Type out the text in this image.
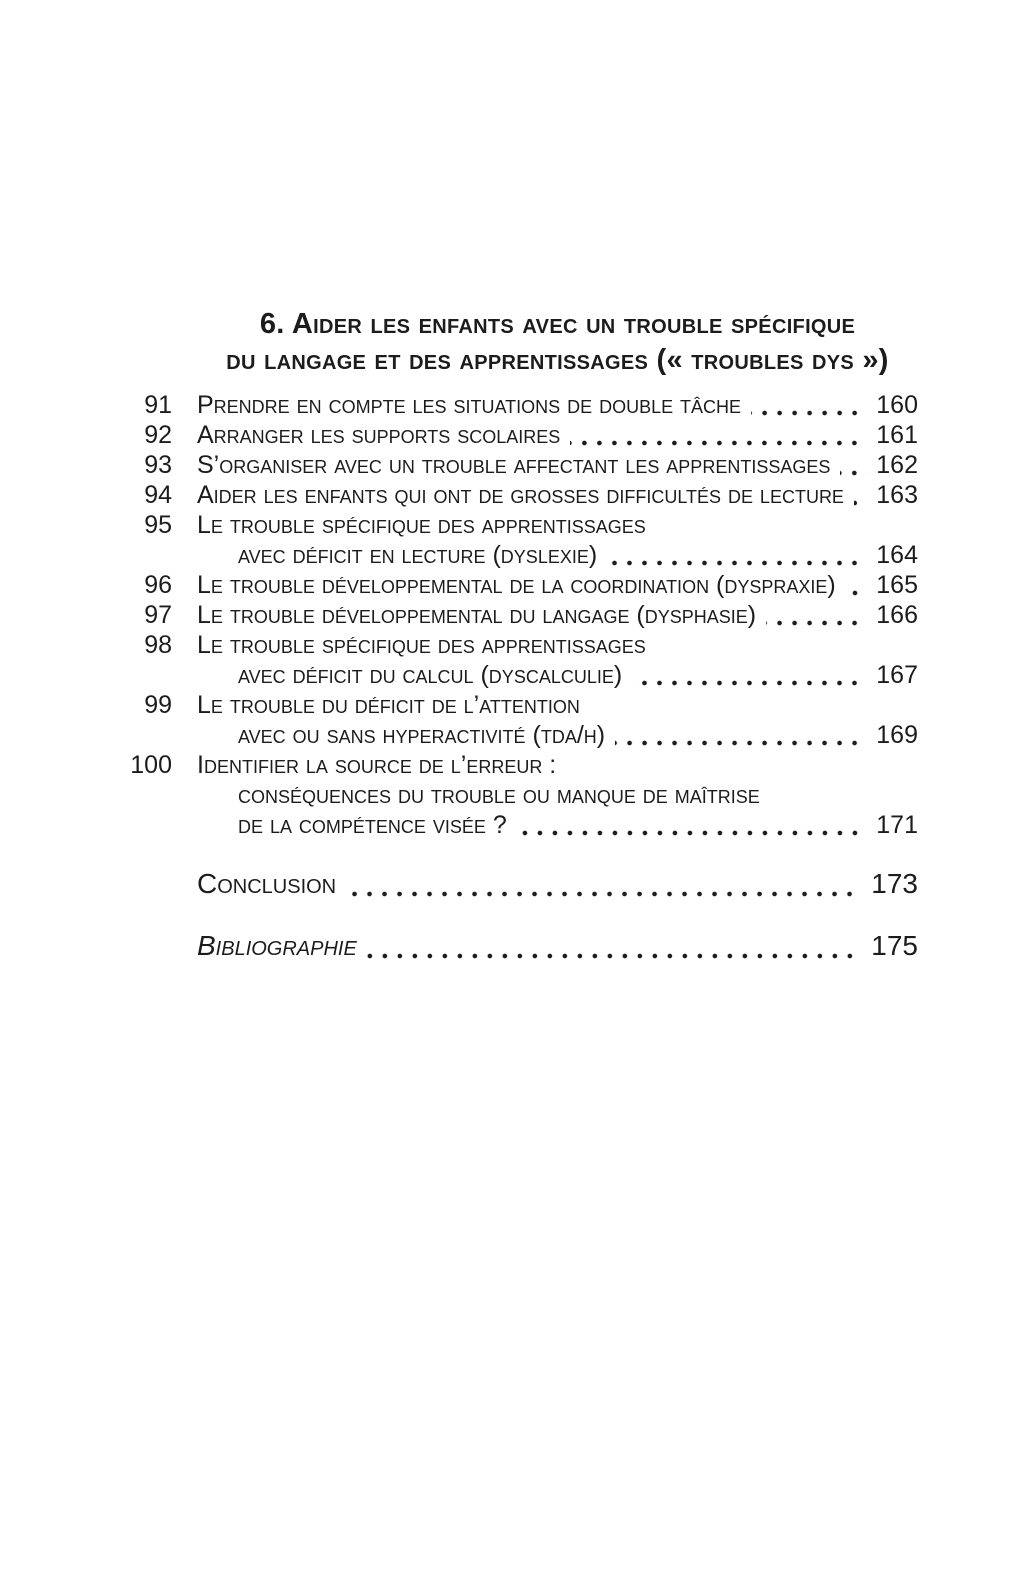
6. Aider les enfants avec un trouble spécifique
du langage et des apprentissages (« troubles dys »)
91 Prendre en compte les situations de double tâche	160
92 Arranger les supports scolaires	161
93 S’organiser avec un trouble affectant les apprentissages 162
94 Aider les enfants qui ont de grosses difficultés de lecture 163
95 Le trouble spécifique des apprentissages
avec déficit en lecture (dyslexie)	164
96 Le trouble développemental de la coordination (dyspraxie) 165
97 Le trouble développemental du langage (dysphasie)	166
98 Le trouble spécifique des apprentissages
avec déficit du calcul (dyscalculie)	167
99 Le trouble du déficit de l’attention
avec ou sans hyperactivité (tda/h)	169
100 Identifier la source de l’erreur :
conséquences du trouble ou manque de maîtrise
de la compétence visée ?	171
Conclusion	173
Bibliographie	175
